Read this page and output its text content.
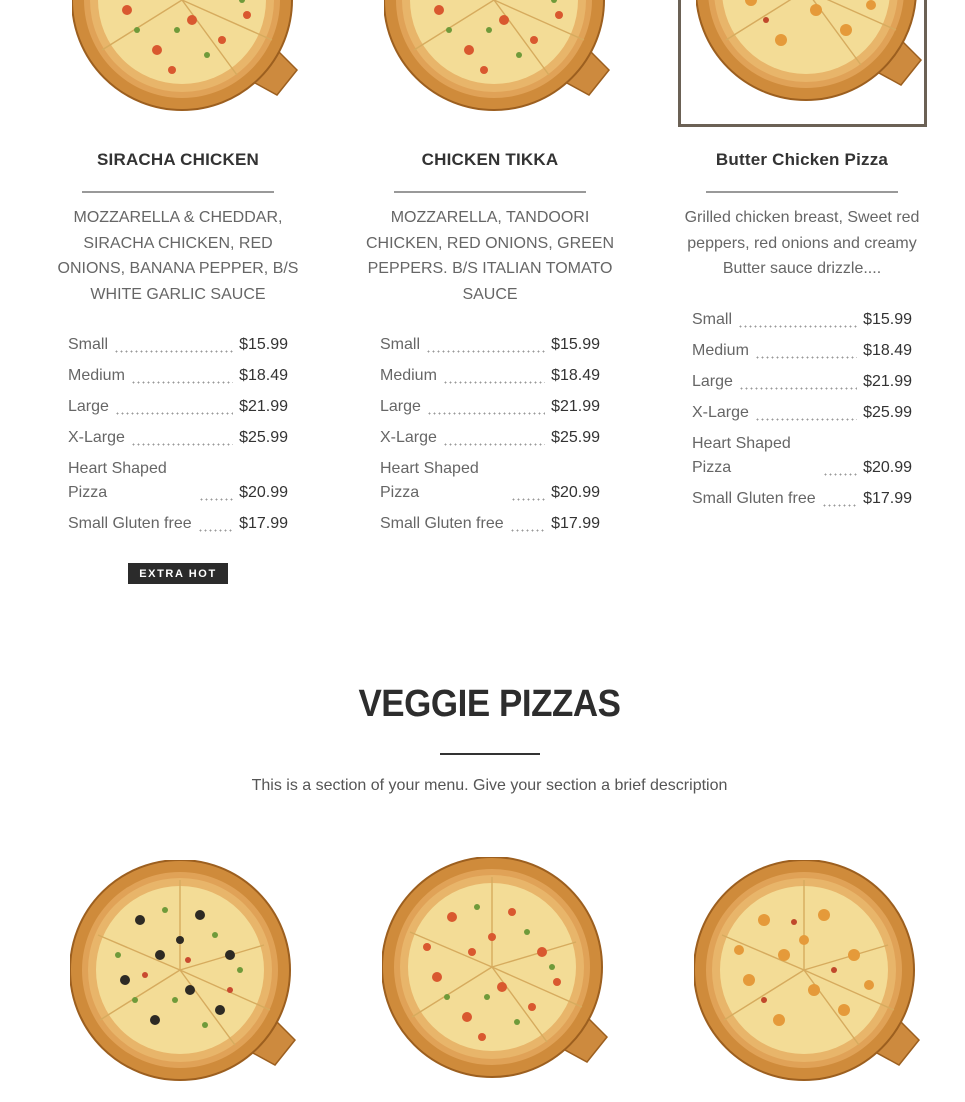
SIRACHA CHICKEN
MOZZARELLA & CHEDDAR, SIRACHA CHICKEN, RED ONIONS, BANANA PEPPER, B/S WHITE GARLIC SAUCE
Small	$15.99
Medium	$18.49
Large	$21.99
X-Large	$25.99
Heart Shaped Pizza	$20.99
Small Gluten free	$17.99
EXTRA HOT
CHICKEN TIKKA
MOZZARELLA, TANDOORI CHICKEN, RED ONIONS, GREEN PEPPERS. B/S ITALIAN TOMATO SAUCE
Small	$15.99
Medium	$18.49
Large	$21.99
X-Large	$25.99
Heart Shaped Pizza	$20.99
Small Gluten free	$17.99
Butter Chicken Pizza
Grilled chicken breast, Sweet red peppers, red onions and creamy Butter sauce drizzle....
Small	$15.99
Medium	$18.49
Large	$21.99
X-Large	$25.99
Heart Shaped Pizza	$20.99
Small Gluten free	$17.99
VEGGIE PIZZAS
This is a section of your menu. Give your section a brief description
